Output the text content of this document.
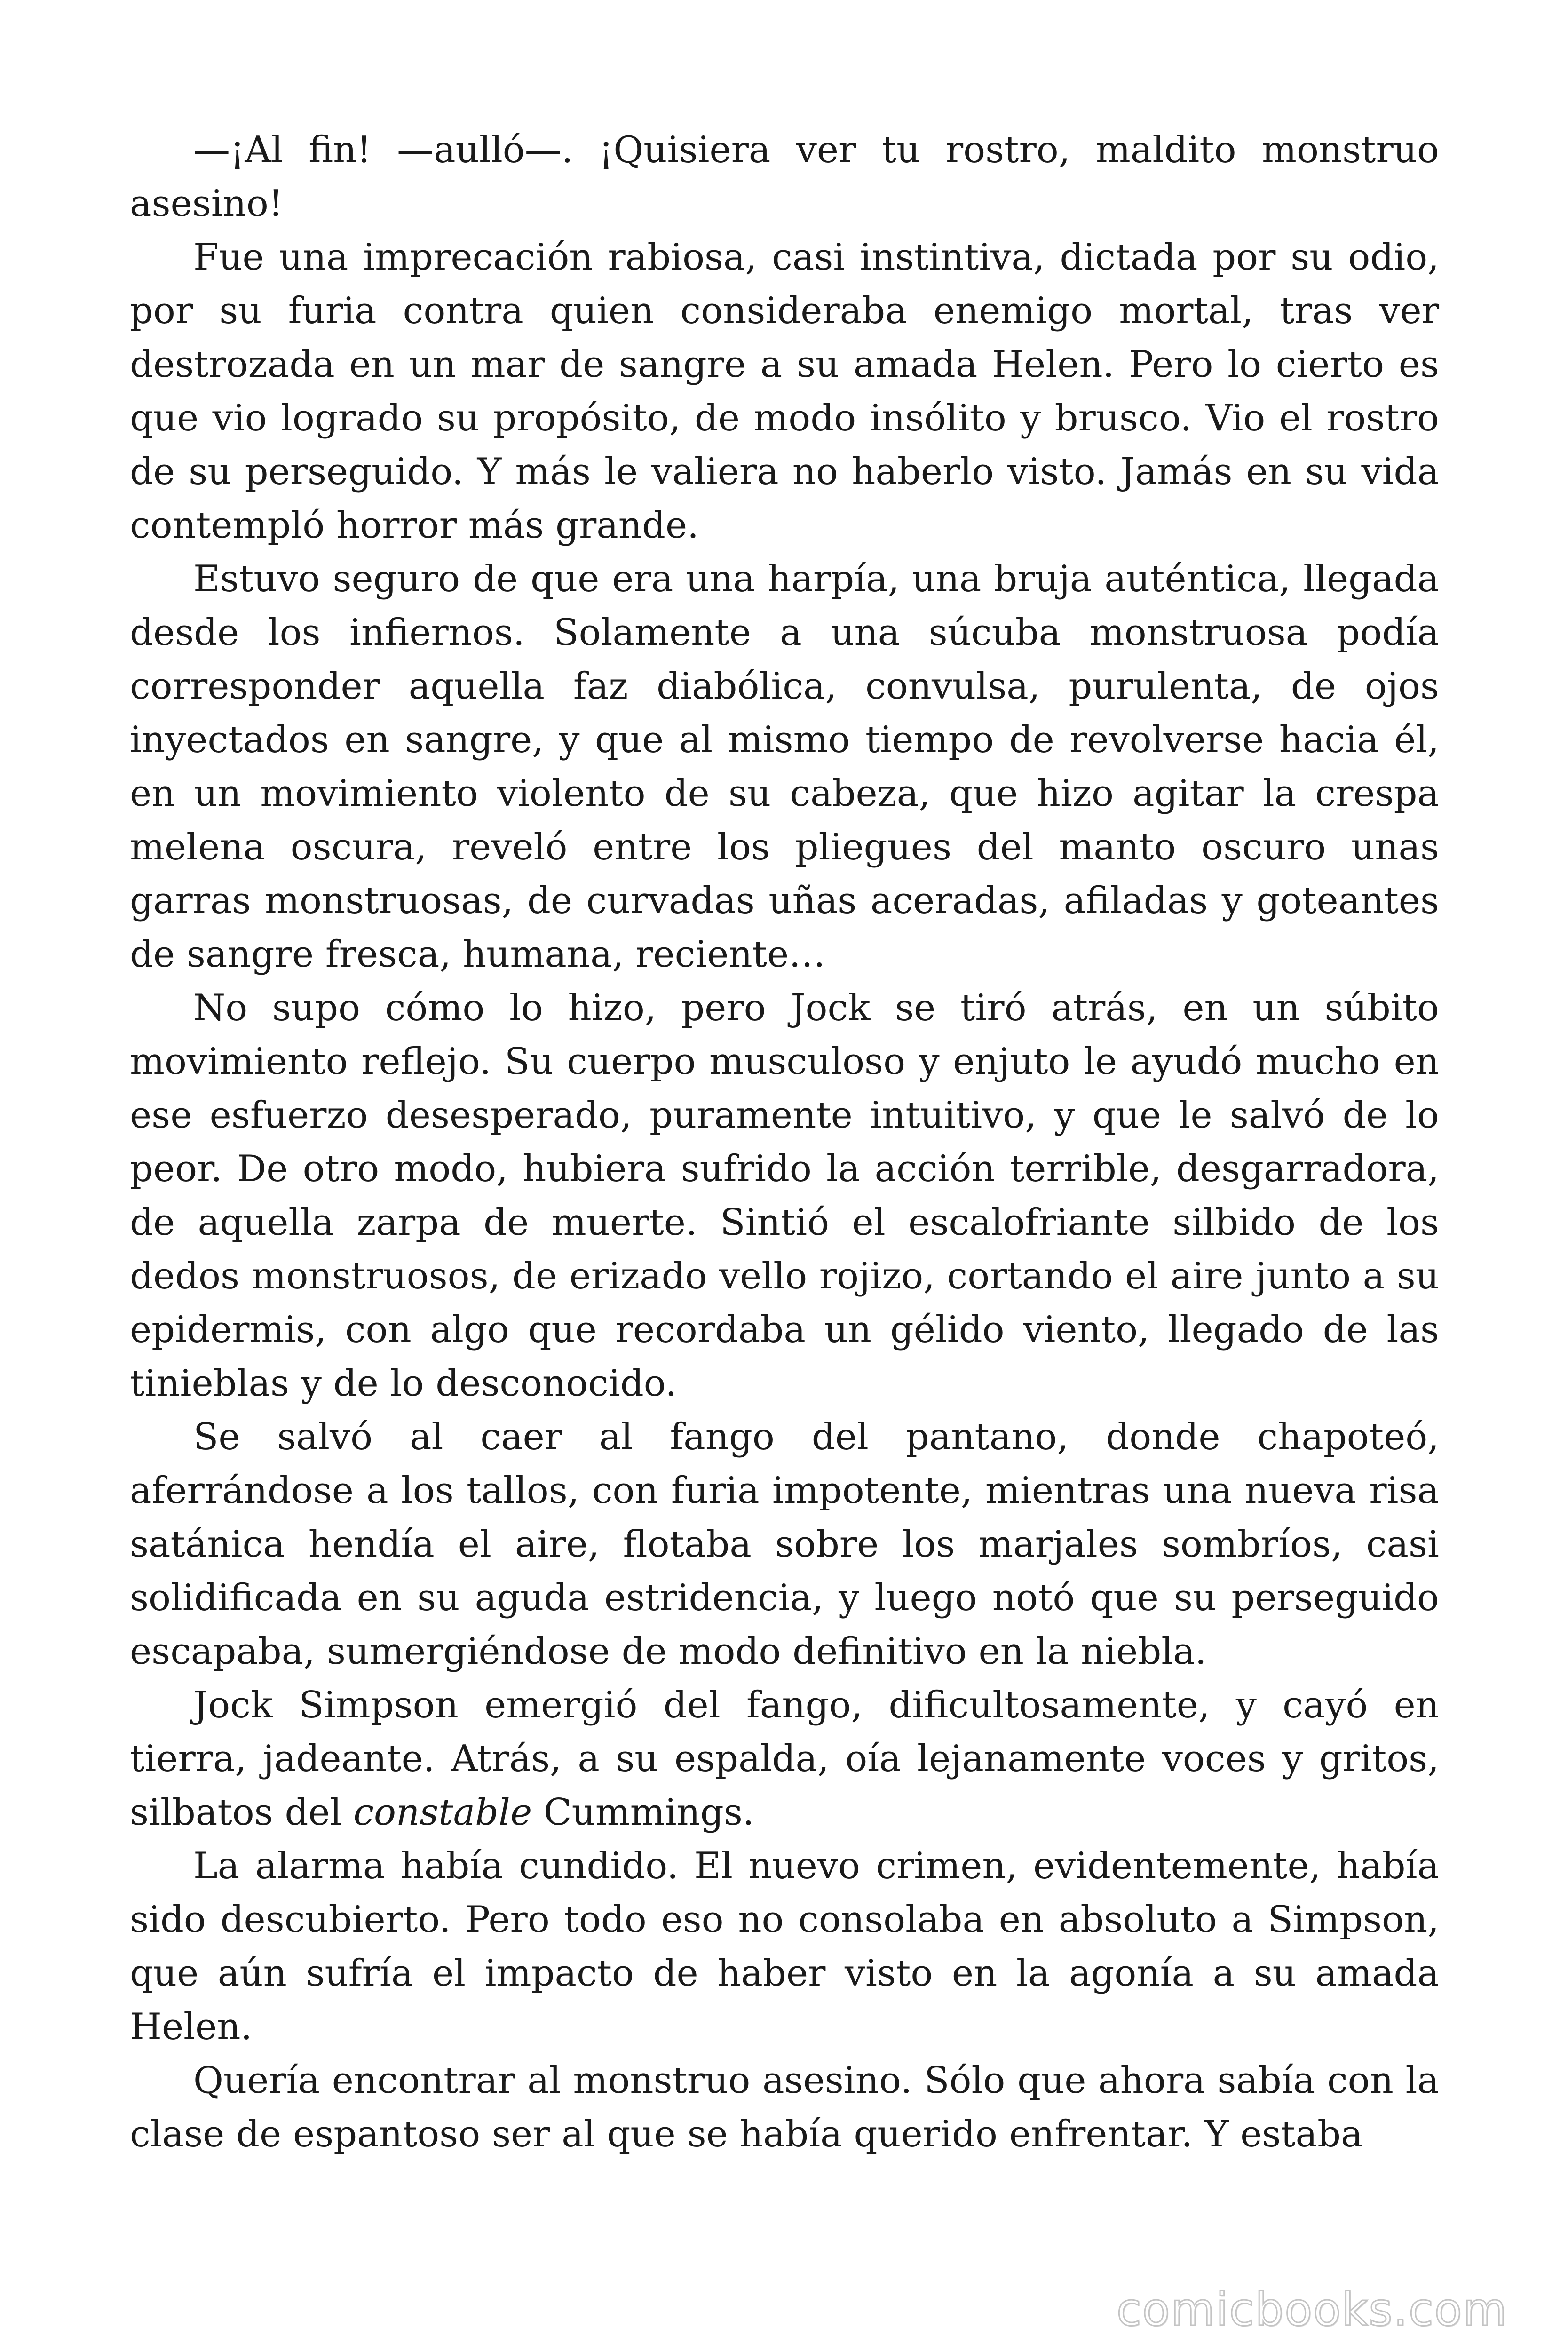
—¡Al fin! —aulló—. ¡Quisiera ver tu rostro, maldito monstruo asesino!

Fue una imprecación rabiosa, casi instintiva, dictada por su odio, por su furia contra quien consideraba enemigo mortal, tras ver destrozada en un mar de sangre a su amada Helen. Pero lo cierto es que vio logrado su propósito, de modo insólito y brusco. Vio el rostro de su perseguido. Y más le valiera no haberlo visto. Jamás en su vida contempló horror más grande.

Estuvo seguro de que era una harpía, una bruja auténtica, llegada desde los infiernos. Solamente a una súcuba monstruosa podía corresponder aquella faz diabólica, convulsa, purulenta, de ojos inyectados en sangre, y que al mismo tiempo de revolverse hacia él, en un movimiento violento de su cabeza, que hizo agitar la crespa melena oscura, reveló entre los pliegues del manto oscuro unas garras monstruosas, de curvadas uñas aceradas, afiladas y goteantes de sangre fresca, humana, reciente…

No supo cómo lo hizo, pero Jock se tiró atrás, en un súbito movimiento reflejo. Su cuerpo musculoso y enjuto le ayudó mucho en ese esfuerzo desesperado, puramente intuitivo, y que le salvó de lo peor. De otro modo, hubiera sufrido la acción terrible, desgarradora, de aquella zarpa de muerte. Sintió el escalofriante silbido de los dedos monstruosos, de erizado vello rojizo, cortando el aire junto a su epidermis, con algo que recordaba un gélido viento, llegado de las tinieblas y de lo desconocido.

Se salvó al caer al fango del pantano, donde chapoteó, aferrándose a los tallos, con furia impotente, mientras una nueva risa satánica hendía el aire, flotaba sobre los marjales sombríos, casi solidificada en su aguda estridencia, y luego notó que su perseguido escapaba, sumergiéndose de modo definitivo en la niebla.

Jock Simpson emergió del fango, dificultosamente, y cayó en tierra, jadeante. Atrás, a su espalda, oía lejanamente voces y gritos, silbatos del constable Cummings.

La alarma había cundido. El nuevo crimen, evidentemente, había sido descubierto. Pero todo eso no consolaba en absoluto a Simpson, que aún sufría el impacto de haber visto en la agonía a su amada Helen.

Quería encontrar al monstruo asesino. Sólo que ahora sabía con la clase de espantoso ser al que se había querido enfrentar. Y estaba

comicbooks.com
